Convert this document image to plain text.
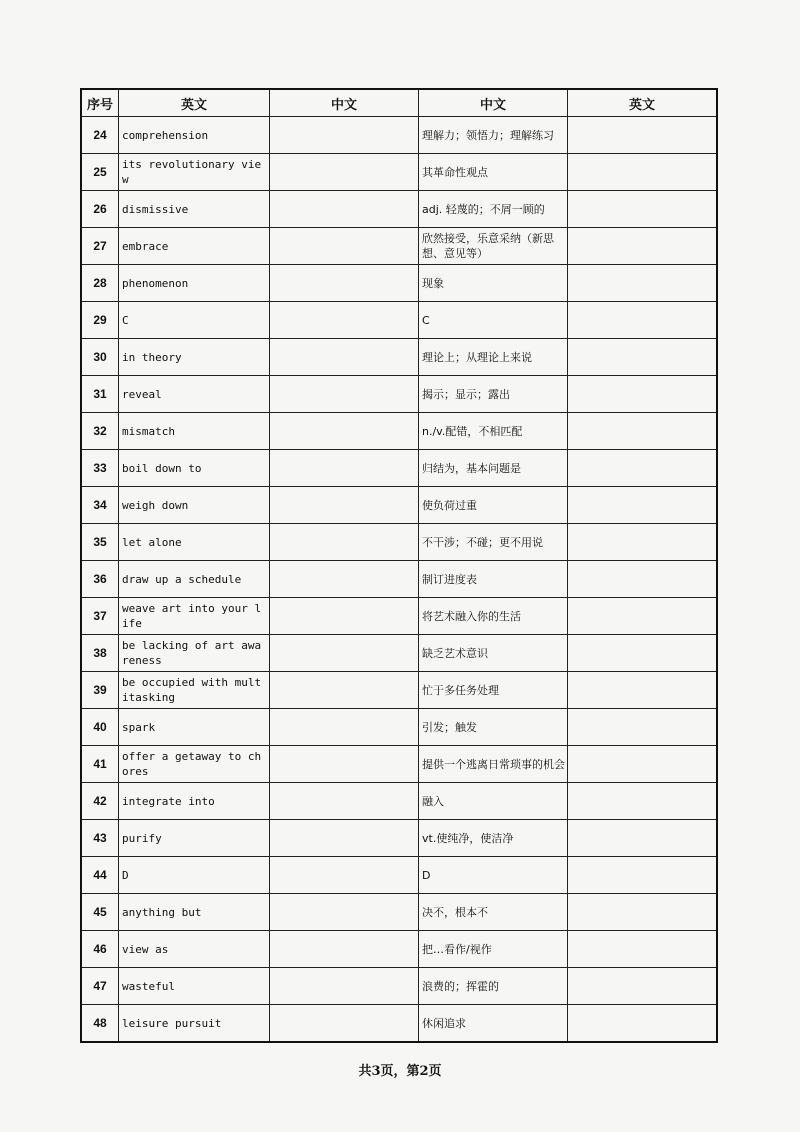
序号	英文	中文	中文	英文
24	comprehension		理解力；领悟力；理解练习	

25	its revolutionary view		其革命性观点	

26	dismissive		adj. 轻蔑的；不屑一顾的	

27	embrace		欣然接受，乐意采纳（新思想、意见等）	

28	phenomenon		现象	

29	C		C	

30	in theory		理论上；从理论上来说	

31	reveal		揭示；显示；露出	

32	mismatch		n./v.配错，不相匹配	

33	boil down to		归结为，基本问题是	

34	weigh down		使负荷过重	

35	let alone		不干涉；不碰；更不用说	

36	draw up a schedule		制订进度表	

37	weave art into your life		将艺术融入你的生活	

38	be lacking of art awareness		缺乏艺术意识	

39	be occupied with multitasking		忙于多任务处理	

40	spark		引发；触发	

41	offer a getaway to chores		提供一个逃离日常琐事的机会	

42	integrate into		融入	

43	purify		vt.使纯净，使洁净	

44	D		D	

45	anything but		决不，根本不	

46	view as		把…看作/视作	

47	wasteful		浪费的；挥霍的	

48	leisure pursuit		休闲追求	

共3页，第2页
